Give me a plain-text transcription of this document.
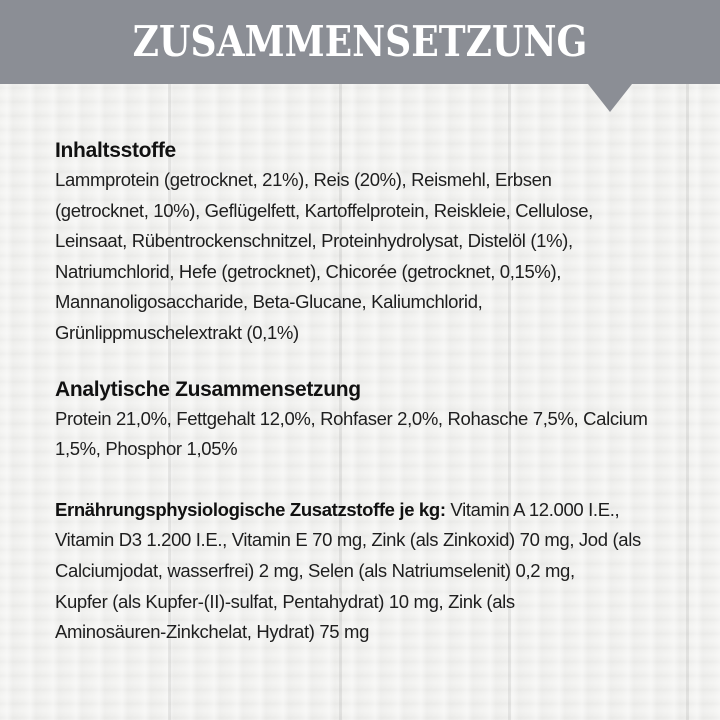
ZUSAMMENSETZUNG
Inhaltsstoffe
Lammprotein (getrocknet, 21%), Reis (20%), Reismehl, Erbsen
(getrocknet, 10%), Geflügelfett, Kartoffelprotein, Reiskleie, Cellulose,
Leinsaat, Rübentrockenschnitzel, Proteinhydrolysat, Distelöl (1%),
Natriumchlorid, Hefe (getrocknet), Chicorée (getrocknet, 0,15%),
Mannanoligosaccharide, Beta-Glucane, Kaliumchlorid,
Grünlippmuschelextrakt (0,1%)
Analytische Zusammensetzung
Protein 21,0%, Fettgehalt 12,0%, Rohfaser 2,0%, Rohasche 7,5%, Calcium
1,5%, Phosphor 1,05%
Ernährungsphysiologische Zusatzstoffe je kg: Vitamin A 12.000 I.E.,
Vitamin D3 1.200 I.E., Vitamin E 70 mg, Zink (als Zinkoxid) 70 mg, Jod (als
Calciumjodat, wasserfrei) 2 mg, Selen (als Natriumselenit) 0,2 mg,
Kupfer (als Kupfer-(II)-sulfat, Pentahydrat) 10 mg, Zink (als
Aminosäuren-Zinkchelat, Hydrat) 75 mg
